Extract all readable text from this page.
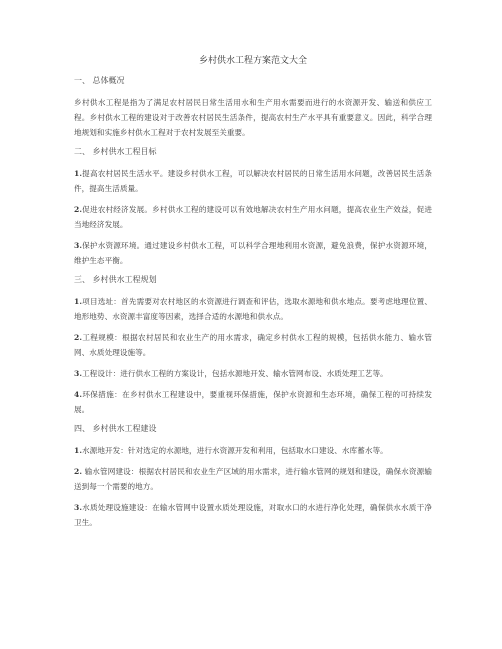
乡村供水工程方案范文大全
一、 总体概况

乡村供水工程是指为了满足农村居民日常生活用水和生产用水需要而进行的水资源开发、输送和供应工程。乡村供水工程的建设对于改善农村居民生活条件，提高农村生产水平具有重要意义。因此，科学合理地规划和实施乡村供水工程对于农村发展至关重要。

二、 乡村供水工程目标

1.提高农村居民生活水平。建设乡村供水工程，可以解决农村居民的日常生活用水问题，改善居民生活条件，提高生活质量。

2.促进农村经济发展。乡村供水工程的建设可以有效地解决农村生产用水问题，提高农业生产效益，促进当地经济发展。

3.保护水资源环境。通过建设乡村供水工程，可以科学合理地利用水资源，避免浪费，保护水资源环境，维护生态平衡。

三、 乡村供水工程规划

1.项目选址：首先需要对农村地区的水资源进行调查和评估，选取水源地和供水地点。要考虑地理位置、地形地势、水资源丰富度等因素，选择合适的水源地和供水点。

2.工程规模：根据农村居民和农业生产的用水需求，确定乡村供水工程的规模，包括供水能力、输水管网、水质处理设施等。

3.工程设计：进行供水工程的方案设计，包括水源地开发、输水管网布设、水质处理工艺等。

4.环保措施：在乡村供水工程建设中，要重视环保措施，保护水资源和生态环境，确保工程的可持续发展。

四、 乡村供水工程建设

1.水源地开发：针对选定的水源地，进行水资源开发和利用，包括取水口建设、水库蓄水等。

2. 输水管网建设：根据农村居民和农业生产区域的用水需求，进行输水管网的规划和建设，确保水资源输送到每一个需要的地方。

3.水质处理设施建设：在输水管网中设置水质处理设施，对取水口的水进行净化处理，确保供水水质干净卫生。
